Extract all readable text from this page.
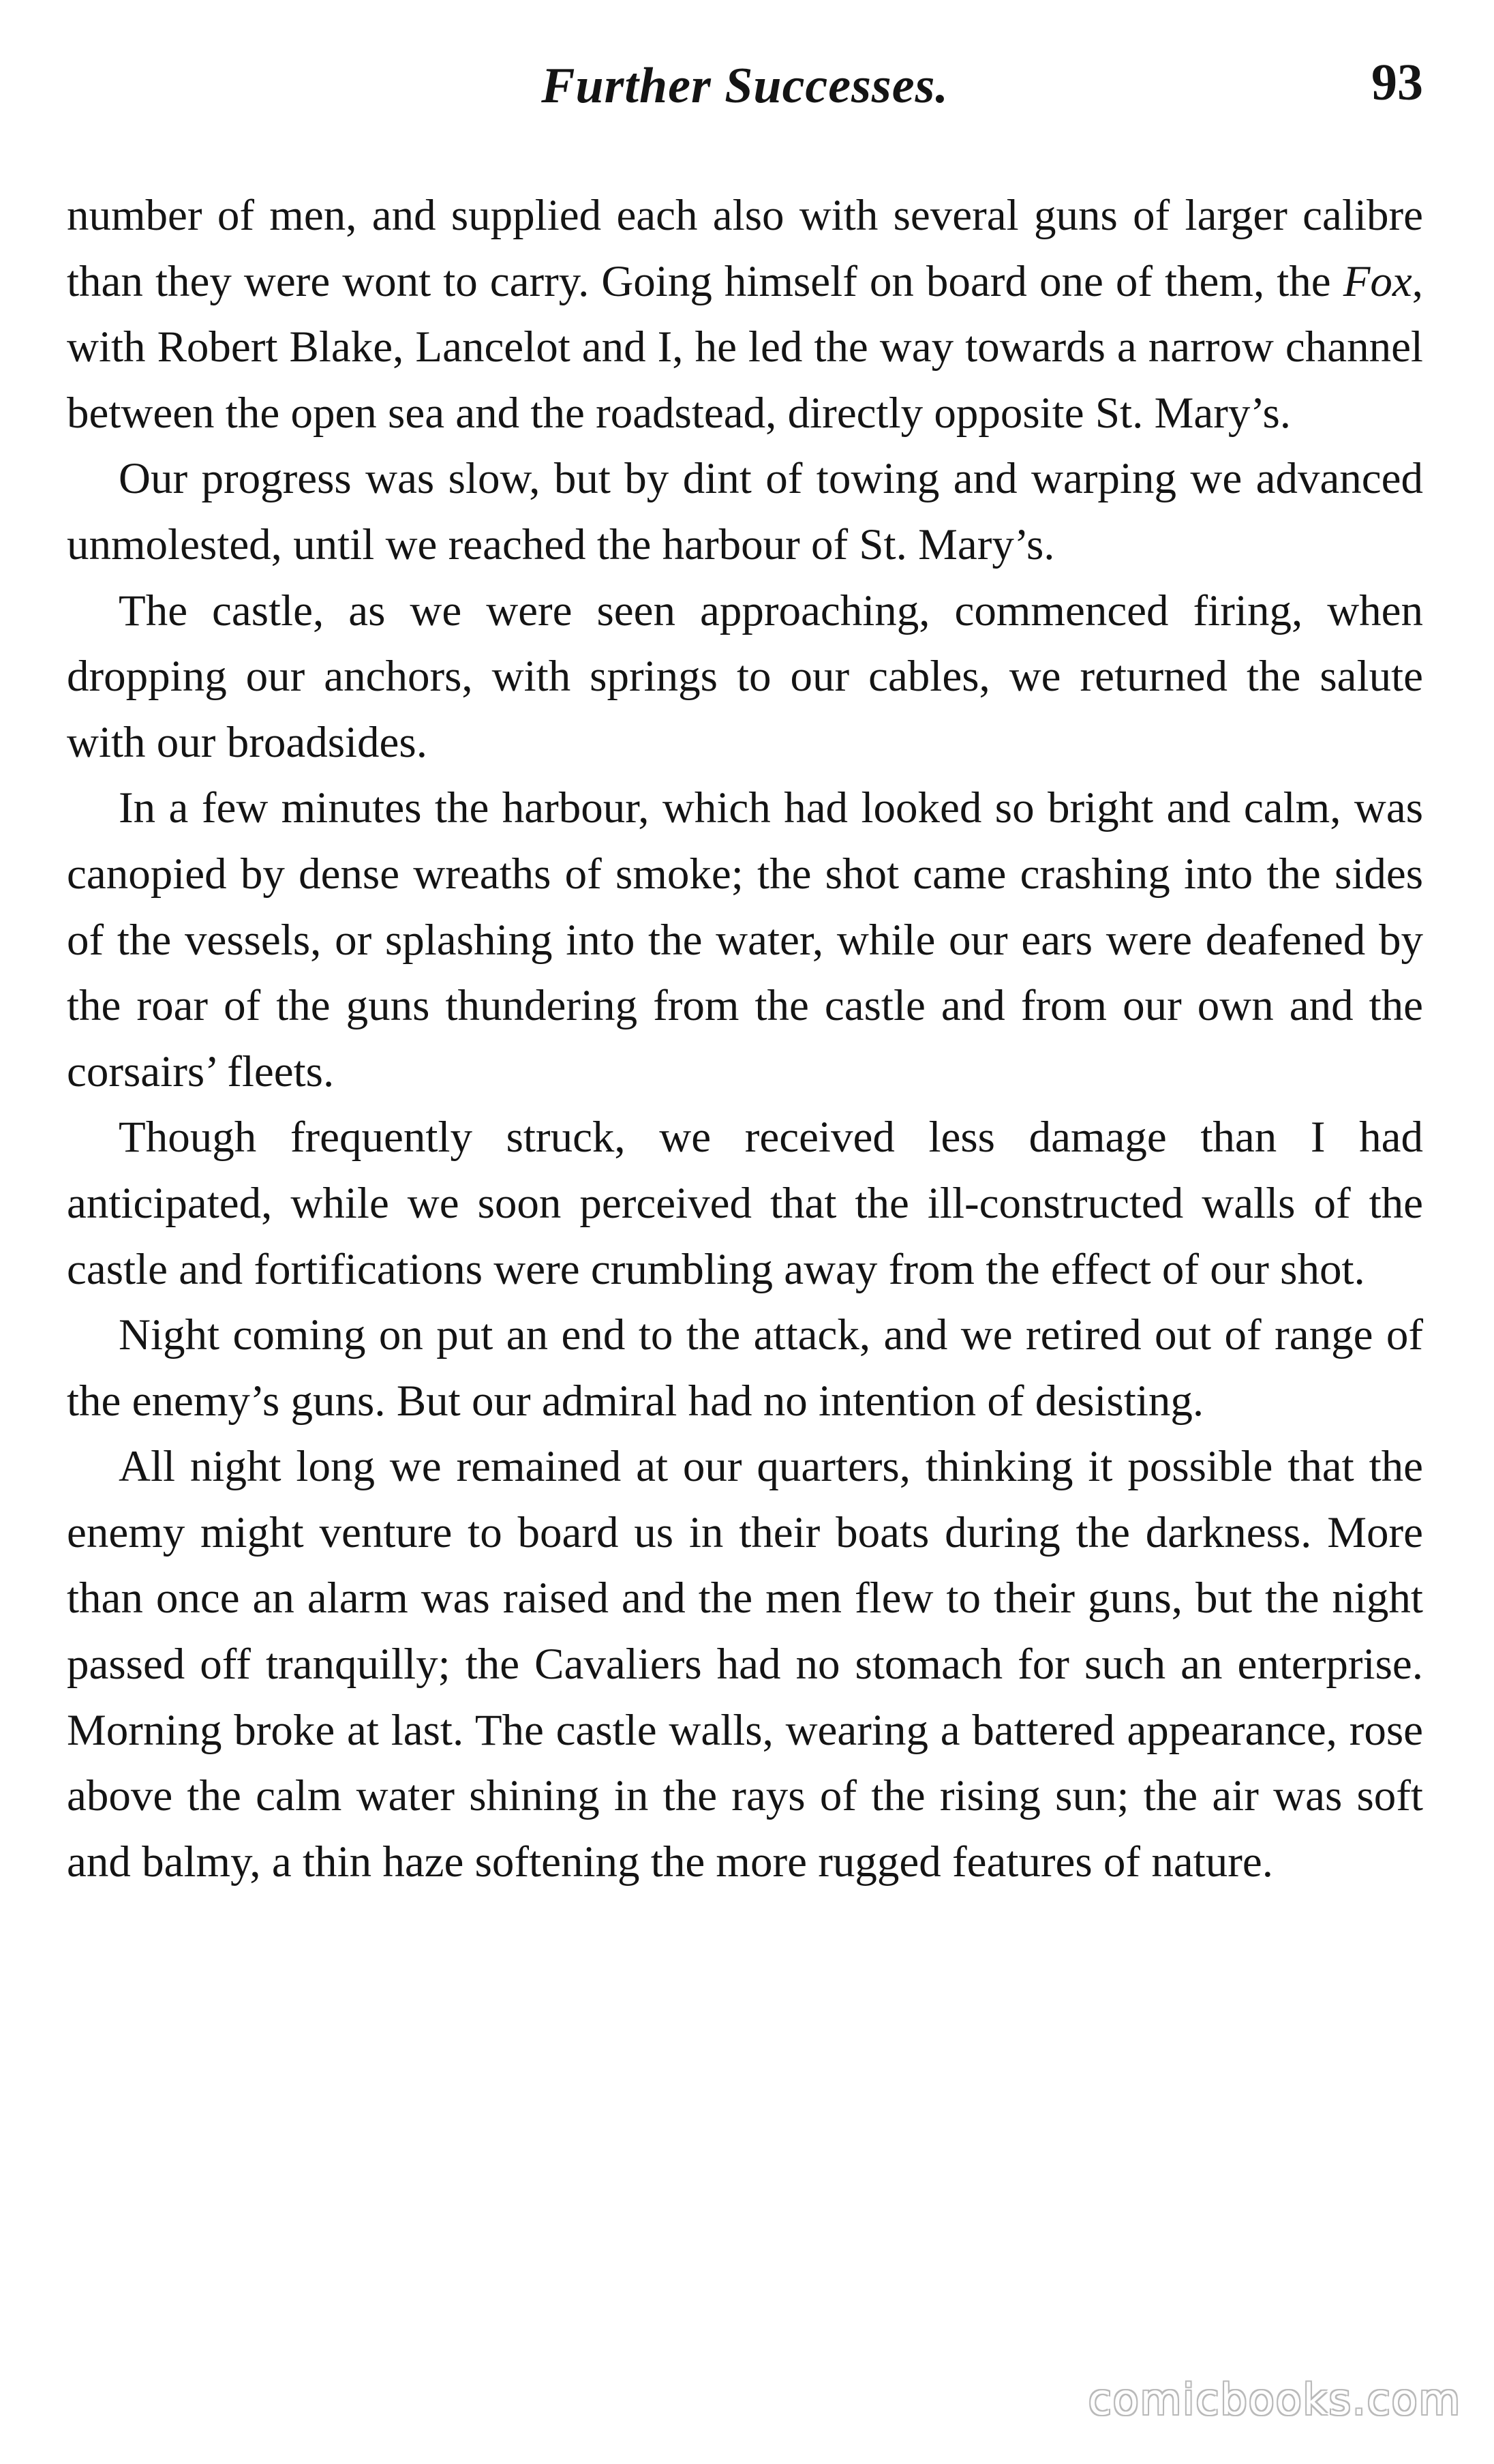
Further Successes.	93

number of men, and supplied each also with several guns of larger calibre than they were wont to carry. Going himself on board one of them, the Fox, with Robert Blake, Lancelot and I, he led the way towards a narrow channel between the open sea and the roadstead, directly opposite St. Mary’s.

Our progress was slow, but by dint of towing and warping we advanced unmolested, until we reached the harbour of St. Mary’s.

The castle, as we were seen approaching, commenced firing, when dropping our anchors, with springs to our cables, we returned the salute with our broadsides.

In a few minutes the harbour, which had looked so bright and calm, was canopied by dense wreaths of smoke; the shot came crashing into the sides of the vessels, or splashing into the water, while our ears were deafened by the roar of the guns thundering from the castle and from our own and the corsairs’ fleets.

Though frequently struck, we received less damage than I had anticipated, while we soon perceived that the ill-constructed walls of the castle and fortifications were crumbling away from the effect of our shot.

Night coming on put an end to the attack, and we retired out of range of the enemy’s guns. But our admiral had no intention of desisting.

All night long we remained at our quarters, thinking it possible that the enemy might venture to board us in their boats during the darkness. More than once an alarm was raised and the men flew to their guns, but the night passed off tranquilly; the Cavaliers had no stomach for such an enterprise. Morning broke at last. The castle walls, wearing a battered appearance, rose above the calm water shining in the rays of the rising sun; the air was soft and balmy, a thin haze softening the more rugged features of nature.

comicbooks.com
